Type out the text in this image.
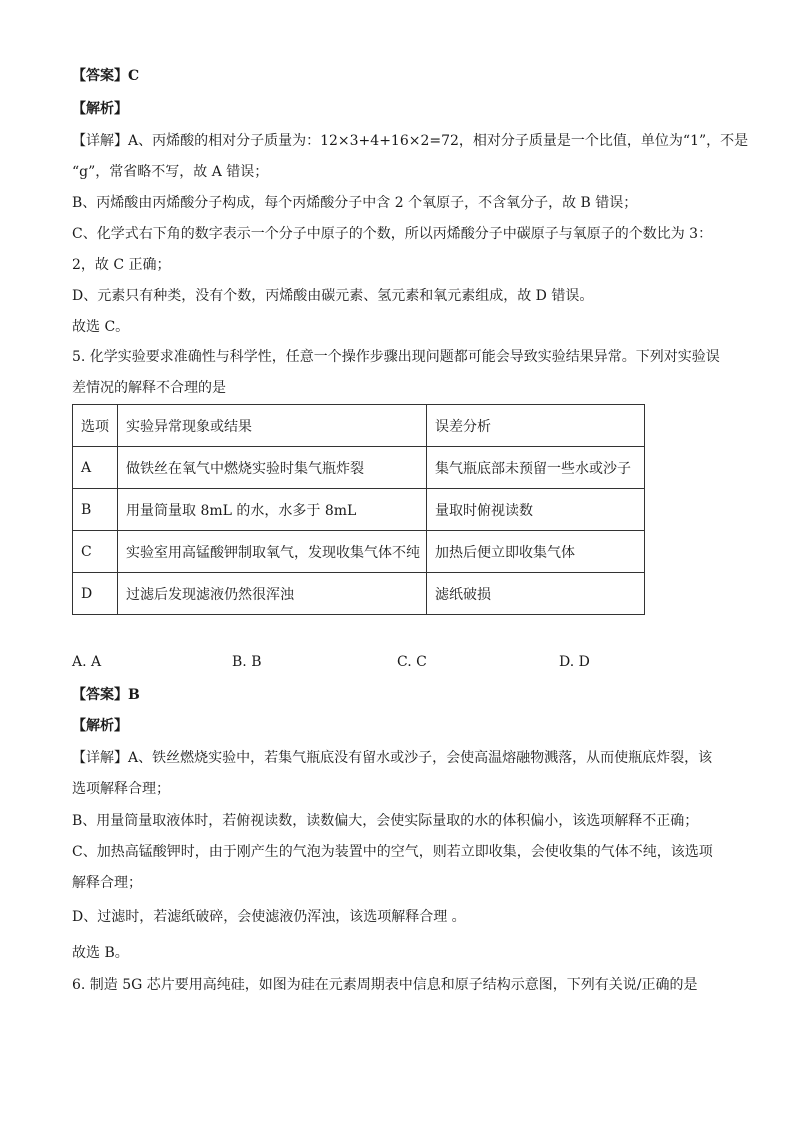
【答案】C
【解析】
【详解】A、丙烯酸的相对分子质量为：12×3+4+16×2=72，相对分子质量是一个比值，单位为“1”，不是
“g”，常省略不写，故 A 错误；
B、丙烯酸由丙烯酸分子构成，每个丙烯酸分子中含 2 个氧原子，不含氧分子，故 B 错误；
C、化学式右下角的数字表示一个分子中原子的个数，所以丙烯酸分子中碳原子与氧原子的个数比为 3：
2，故 C 正确；
D、元素只有种类，没有个数，丙烯酸由碳元素、氢元素和氧元素组成，故 D 错误。
故选 C。
5. 化学实验要求准确性与科学性，任意一个操作步骤出现问题都可能会导致实验结果异常。下列对实验误
差情况的解释不合理的是
选项	实验异常现象或结果	误差分析
A	做铁丝在氧气中燃烧实验时集气瓶炸裂	集气瓶底部未预留一些水或沙子
B	用量筒量取 8mL 的水，水多于 8mL	量取时俯视读数
C	实验室用高锰酸钾制取氧气，发现收集气体不纯	加热后便立即收集气体
D	过滤后发现滤液仍然很浑浊	滤纸破损
A. A	B. B	C. C	D. D
【答案】B
【解析】
【详解】A、铁丝燃烧实验中，若集气瓶底没有留水或沙子，会使高温熔融物溅落，从而使瓶底炸裂，该
选项解释合理；
B、用量筒量取液体时，若俯视读数，读数偏大，会使实际量取的水的体积偏小，该选项解释不正确；
C、加热高锰酸钾时，由于刚产生的气泡为装置中的空气，则若立即收集，会使收集的气体不纯，该选项
解释合理；
D、过滤时，若滤纸破碎，会使滤液仍浑浊，该选项解释合理 。
故选 B。
6. 制造 5G 芯片要用高纯硅，如图为硅在元素周期表中信息和原子结构示意图，下列有关说/正确的是
